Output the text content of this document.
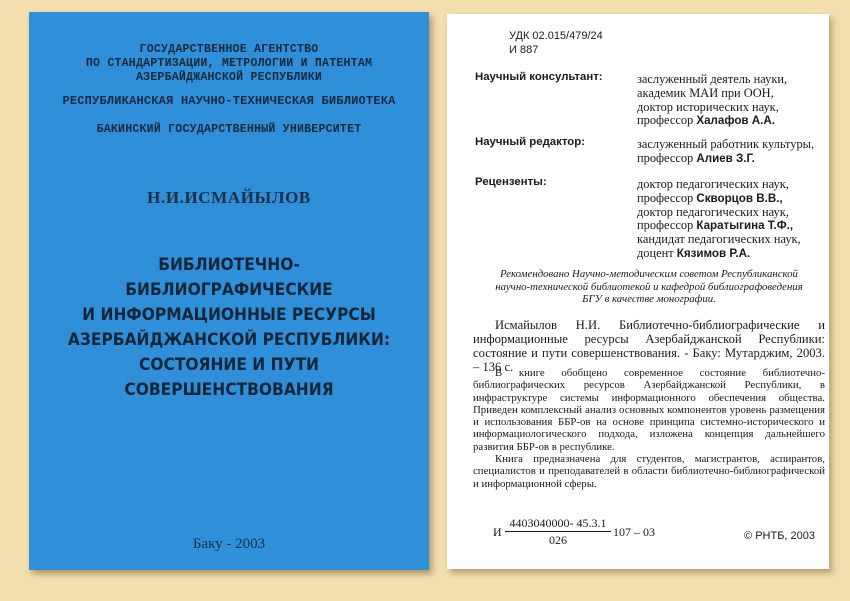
ГОСУДАРСТВЕННОЕ АГЕНТСТВО
ПО СТАНДАРТИЗАЦИИ, МЕТРОЛОГИИ И ПАТЕНТАМ
АЗЕРБАЙДЖАНСКОЙ РЕСПУБЛИКИ
РЕСПУБЛИКАНСКАЯ НАУЧНО-ТЕХНИЧЕСКАЯ БИБЛИОТЕКА
БАКИНСКИЙ ГОСУДАРСТВЕННЫЙ УНИВЕРСИТЕТ
Н.И.ИСМАЙЫЛОВ
БИБЛИОТЕЧНО-БИБЛИОГРАФИЧЕСКИЕ
И ИНФОРМАЦИОННЫЕ РЕСУРСЫ
АЗЕРБАЙДЖАНСКОЙ РЕСПУБЛИКИ:
СОСТОЯНИЕ И ПУТИ СОВЕРШЕНСТВОВАНИЯ
Баку - 2003
УДК 02.015/479/24
И 887
Научный консультант:	заслуженный деятель науки,
академик МАИ при ООН,
доктор исторических наук,
профессор Халафов А.А.
Научный редактор:	заслуженный работник культуры,
профессор Алиев З.Г.
Рецензенты:	доктор педагогических наук,
профессор Скворцов В.В.,
доктор педагогических наук,
профессор Каратыгина Т.Ф.,
кандидат педагогических наук,
доцент Кязимов Р.А.
Рекомендовано Научно-методическим советом Республиканской
научно-технической библиотекой и кафедрой библиографоведения
БГУ в качестве монографии.
Исмайылов Н.И. Библиотечно-библиографические и информационные ресурсы Азербайджанской Республики: состояние и пути совершенствования. - Баку: Мутарджим, 2003. – 136 с.

В книге обобщено современное состояние библиотечно-библиографических ресурсов Азербайджанской Республики, в инфраструктуре системы информационного обеспечения общества. Приведен комплексный анализ основных компонентов уровень размещения и использования ББР-ов на основе принципа системно-исторического и информациологического подхода, изложена концепция дальнейшего развития ББР-ов в республике.

Книга предназначена для студентов, магистрантов, аспирантов, специалистов и преподавателей в области библиотечно-библиографической и информационной сферы.

И
4403040000- 45.3.1
026
107 – 03	© РНТБ, 2003
